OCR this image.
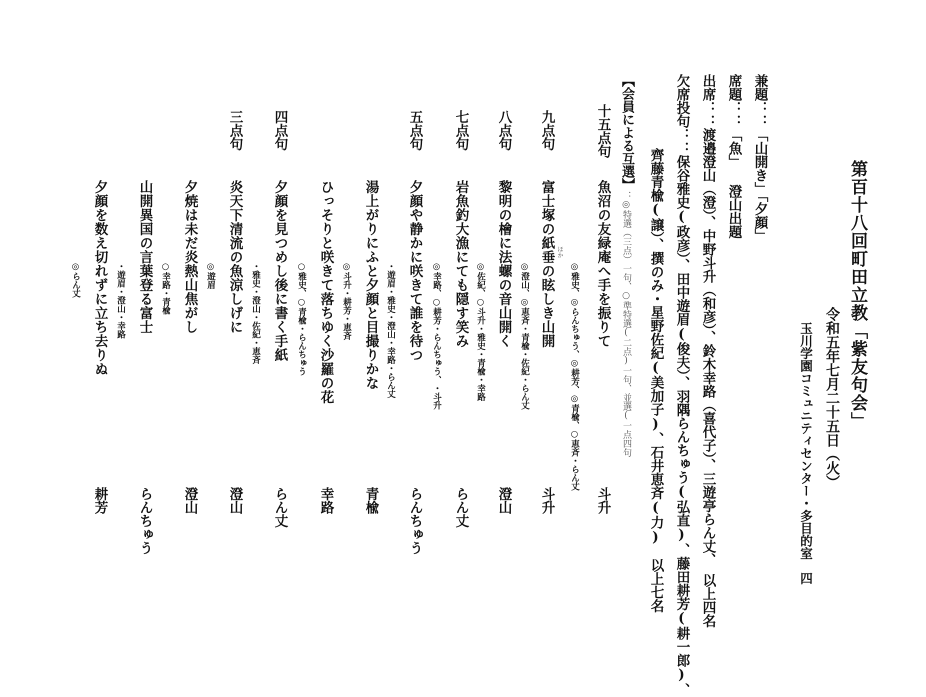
第百十八回町田立教「紫友句会」
令和五年七月二十五日（火）
玉川学園コミュニティセンター・多目的室　四
兼題：：「山開き」「夕顔」
席題：：「魚」 澄山出題
出席：：渡邉澄山（澄）、中野斗升（和彦）、鈴木幸路（喜代子）、三遊亭らん丈、　以上四名
欠席投句：：保谷雅史(政彦）、田中遊眉(俊夫）、羽隅らんちゅう(弘直)、藤田耕芳(耕一郎)、
齊藤青楡(譲）、撰のみ・星野佐紀(美加子)、石井恵斉(力)　以上七名
【会員による互選】：◎特選（三点）一句、○準特選(二点)一句、並選(一点四句
十五点句
魚沼の友緑庵へ手を振りて
◎雅史、◎らんちゅう、◎耕芳、◎青楡、○恵斉・らん丈
斗升
九点句
ほか
富士塚の紙垂の眩しき山開
◎澄山、◎恵斉・青楡・佐紀・らん丈
斗升
八点句
黎明の檜に法螺の音山開く
◎佐紀、○斗升・雅史・青楡・幸路
澄山
七点句
岩魚釣大漁にても隠す笑み
◎幸路、○耕芳・らんちゅう、・斗升
らん丈
五点句
夕顔や静かに咲きて誰を待つ
・遊眉・雅史・澄山・幸路・らん丈
らんちゅう
湯上がりにふと夕顔と目撮りかな
◎斗升・耕芳・恵斉
青楡
ひっそりと咲きて落ちゆく沙羅の花
○雅史、○青楡・らんちゅう
幸路
四点句
夕顔を見つめし後に書く手紙
・雅史・澄山・佐紀・恵斉
らん丈
三点句
炎天下清流の魚涼しげに
◎遊眉
澄山
夕焼は未だ炎熱山焦がし
○幸路・青楡
澄山
山開異国の言葉登る富士
・遊眉・澄山・幸路
らんちゅう
夕顔を数え切れずに立ち去りぬ
◎らん丈
耕芳
